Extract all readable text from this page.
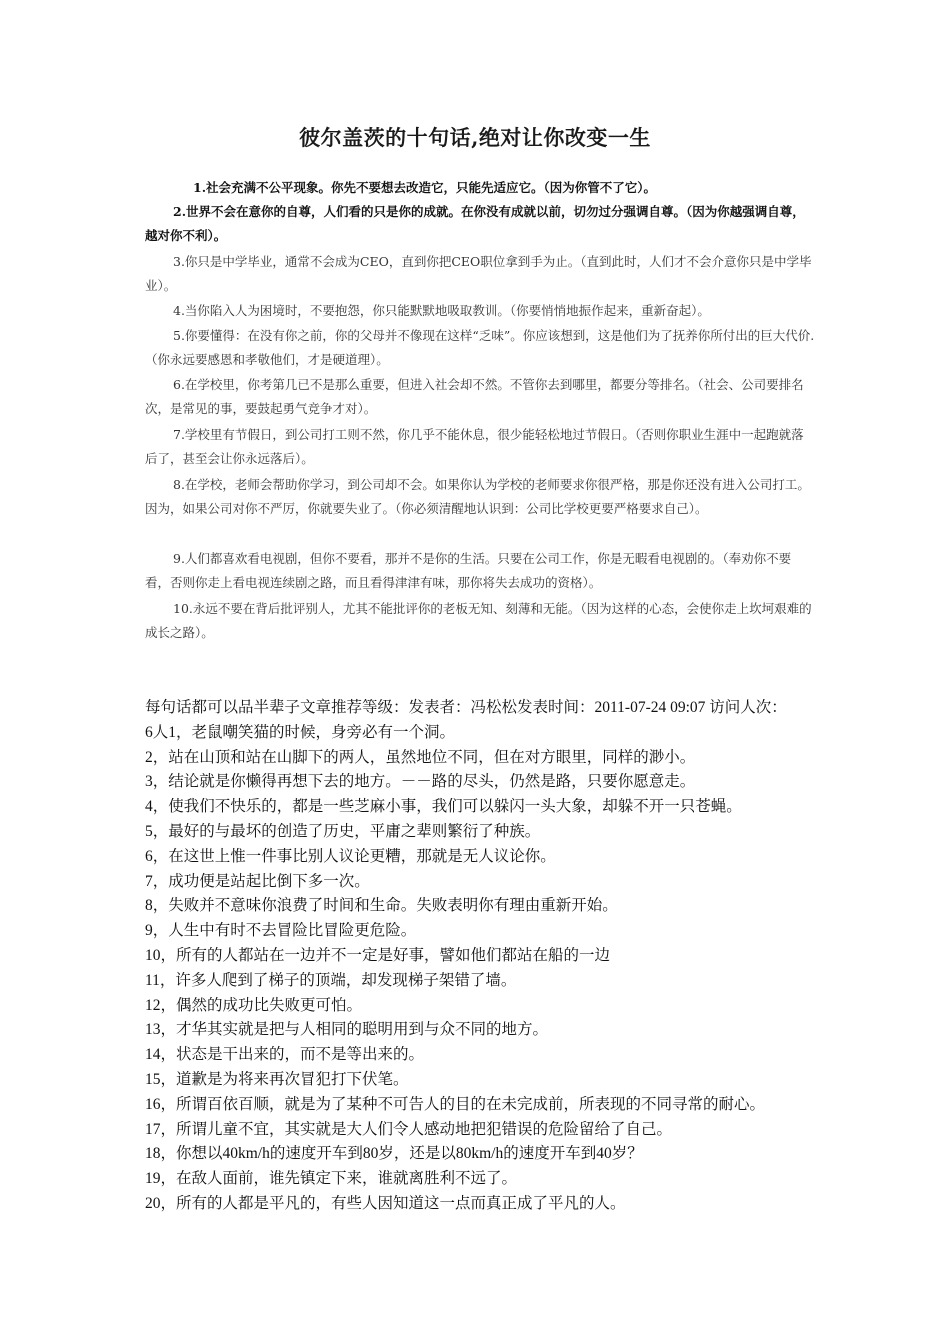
彼尔盖茨的十句话,绝对让你改变一生

1.社会充满不公平现象。你先不要想去改造它，只能先适应它。（因为你管不了它）。

2.世界不会在意你的自尊，人们看的只是你的成就。在你没有成就以前，切勿过分强调自尊。（因为你越强调自尊，越对你不利）。

3.你只是中学毕业，通常不会成为CEO，直到你把CEO职位拿到手为止。（直到此时，人们才不会介意你只是中学毕业）。

4.当你陷入人为困境时，不要抱怨，你只能默默地吸取教训。（你要悄悄地振作起来，重新奋起）。

5.你要懂得：在没有你之前，你的父母并不像现在这样“乏味”。你应该想到，这是他们为了抚养你所付出的巨大代价.（你永远要感恩和孝敬他们，才是硬道理）。

6.在学校里，你考第几已不是那么重要，但进入社会却不然。不管你去到哪里，都要分等排名。（社会、公司要排名次，是常见的事，要鼓起勇气竞争才对）。

7.学校里有节假日，到公司打工则不然，你几乎不能休息，很少能轻松地过节假日。（否则你职业生涯中一起跑就落后了，甚至会让你永远落后）。

8.在学校，老师会帮助你学习，到公司却不会。如果你认为学校的老师要求你很严格，那是你还没有进入公司打工。因为，如果公司对你不严厉，你就要失业了。（你必须清醒地认识到：公司比学校更要严格要求自己）。

9.人们都喜欢看电视剧，但你不要看，那并不是你的生活。只要在公司工作，你是无暇看电视剧的。（奉劝你不要看，否则你走上看电视连续剧之路，而且看得津津有味，那你将失去成功的资格）。

10.永远不要在背后批评别人，尤其不能批评你的老板无知、刻薄和无能。（因为这样的心态，会使你走上坎坷艰难的成长之路）。

每句话都可以品半辈子文章推荐等级：发表者：冯松松发表时间：2011-07-24 09:07 访问人次：
6人1，老鼠嘲笑猫的时候，身旁必有一个洞。
2，站在山顶和站在山脚下的两人，虽然地位不同，但在对方眼里，同样的渺小。
3，结论就是你懒得再想下去的地方。－－路的尽头，仍然是路，只要你愿意走。
4，使我们不快乐的，都是一些芝麻小事，我们可以躲闪一头大象，却躲不开一只苍蝇。
5，最好的与最坏的创造了历史，平庸之辈则繁衍了种族。
6，在这世上惟一件事比别人议论更糟，那就是无人议论你。
7，成功便是站起比倒下多一次。
8，失败并不意味你浪费了时间和生命。失败表明你有理由重新开始。
9，人生中有时不去冒险比冒险更危险。
10，所有的人都站在一边并不一定是好事，譬如他们都站在船的一边
11，许多人爬到了梯子的顶端，却发现梯子架错了墙。
12，偶然的成功比失败更可怕。
13，才华其实就是把与人相同的聪明用到与众不同的地方。
14，状态是干出来的，而不是等出来的。
15，道歉是为将来再次冒犯打下伏笔。
16，所谓百依百顺，就是为了某种不可告人的目的在未完成前，所表现的不同寻常的耐心。
17，所谓儿童不宜，其实就是大人们令人感动地把犯错误的危险留给了自己。
18，你想以40km/h的速度开车到80岁，还是以80km/h的速度开车到40岁？
19，在敌人面前，谁先镇定下来，谁就离胜利不远了。
20，所有的人都是平凡的，有些人因知道这一点而真正成了平凡的人。
